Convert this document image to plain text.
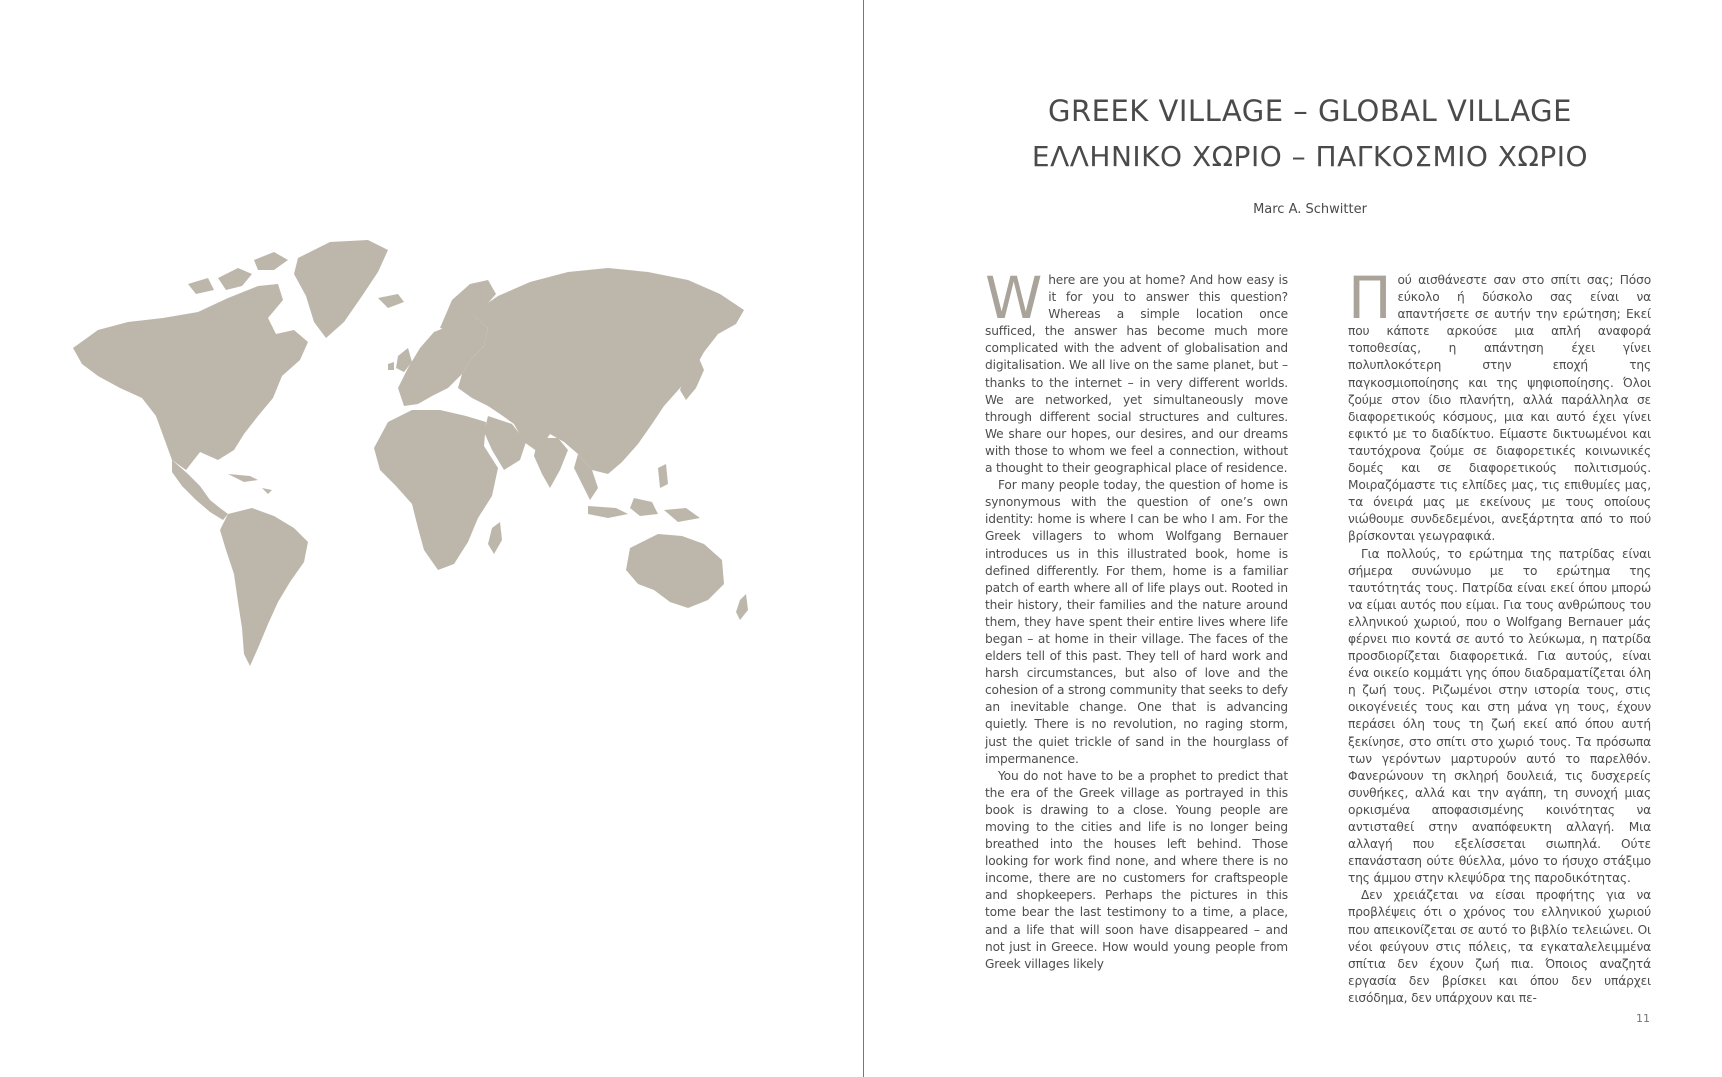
GREEK VILLAGE – GLOBAL VILLAGE
ΕΛΛΗΝΙΚΟ ΧΩΡΙΟ – ΠΑΓΚΟΣΜΙΟ ΧΩΡΙΟ
Marc A. Schwitter

Where are you at home? And how easy is it for you to answer this question? Whereas a simple location once sufficed, the answer has become much more complicated with the advent of globalisation and digitalisation. We all live on the same planet, but – thanks to the internet – in very different worlds. We are networked, yet simultaneously move through different social structures and cultures. We share our hopes, our desires, and our dreams with those to whom we feel a connection, without a thought to their geographical place of residence.

For many people today, the question of home is synonymous with the question of one’s own identity: home is where I can be who I am. For the Greek villagers to whom Wolfgang Bernauer introduces us in this illustrated book, home is defined differently. For them, home is a familiar patch of earth where all of life plays out. Rooted in their history, their families and the nature around them, they have spent their entire lives where life began – at home in their village. The faces of the elders tell of this past. They tell of hard work and harsh circumstances, but also of love and the cohesion of a strong community that seeks to defy an inevitable change. One that is advancing quietly. There is no revolution, no raging storm, just the quiet trickle of sand in the hourglass of impermanence.

You do not have to be a prophet to predict that the era of the Greek village as portrayed in this book is drawing to a close. Young people are moving to the cities and life is no longer being breathed into the houses left behind. Those looking for work find none, and where there is no income, there are no customers for craftspeople and shopkeepers. Perhaps the pictures in this tome bear the last testimony to a time, a place, and a life that will soon have disappeared – and not just in Greece. How would young people from Greek villages likely

Πού αισθάνεστε σαν στο σπίτι σας; Πόσο εύκολο ή δύσκολο σας είναι να απαντήσετε σε αυτήν την ερώτηση; Εκεί που κάποτε αρκούσε μια απλή αναφορά τοποθεσίας, η απάντηση έχει γίνει πολυπλοκότερη στην εποχή της παγκοσμιοποίησης και της ψηφιοποίησης. Όλοι ζούμε στον ίδιο πλανήτη, αλλά παράλληλα σε διαφορετικούς κόσμους, μια και αυτό έχει γίνει εφικτό με το διαδίκτυο. Είμαστε δικτυωμένοι και ταυτόχρονα ζούμε σε διαφορετικές κοινωνικές δομές και σε διαφορετικούς πολιτισμούς. Μοιραζόμαστε τις ελπίδες μας, τις επιθυμίες μας, τα όνειρά μας με εκείνους με τους οποίους νιώθουμε συνδεδεμένοι, ανεξάρτητα από το πού βρίσκονται γεωγραφικά.

Για πολλούς, το ερώτημα της πατρίδας είναι σήμερα συνώνυμο με το ερώτημα της ταυτότητάς τους. Πατρίδα είναι εκεί όπου μπορώ να είμαι αυτός που είμαι. Για τους ανθρώπους του ελληνικού χωριού, που ο Wolfgang Bernauer μάς φέρνει πιο κοντά σε αυτό το λεύκωμα, η πατρίδα προσδιορίζεται διαφορετικά. Για αυτούς, είναι ένα οικείο κομμάτι γης όπου διαδραματίζεται όλη η ζωή τους. Ριζωμένοι στην ιστορία τους, στις οικογένειές τους και στη μάνα γη τους, έχουν περάσει όλη τους τη ζωή εκεί από όπου αυτή ξεκίνησε, στο σπίτι στο χωριό τους. Τα πρόσωπα των γερόντων μαρτυρούν αυτό το παρελθόν. Φανερώνουν τη σκληρή δουλειά, τις δυσχερείς συνθήκες, αλλά και την αγάπη, τη συνοχή μιας ορκισμένα αποφασισμένης κοινότητας να αντισταθεί στην αναπόφευκτη αλλαγή. Μια αλλαγή που εξελίσσεται σιωπηλά. Ούτε επανάσταση ούτε θύελλα, μόνο το ήσυχο στάξιμο της άμμου στην κλεψύδρα της παροδικότητας.

Δεν χρειάζεται να είσαι προφήτης για να προβλέψεις ότι ο χρόνος του ελληνικού χωριού που απεικονίζεται σε αυτό το βιβλίο τελειώνει. Οι νέοι φεύγουν στις πόλεις, τα εγκαταλελειμμένα σπίτια δεν έχουν ζωή πια. Όποιος αναζητά εργασία δεν βρίσκει και όπου δεν υπάρχει εισόδημα, δεν υπάρχουν και πε-

11
